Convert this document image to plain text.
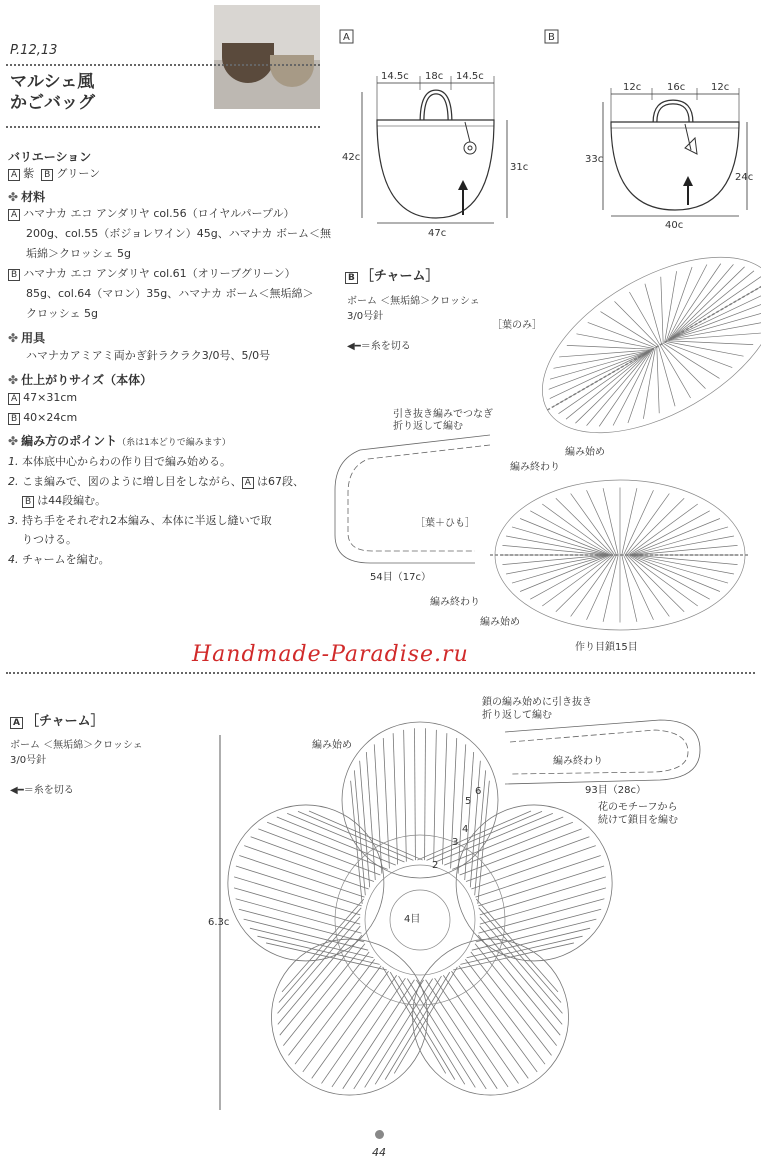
P.12,13
マルシェ風
かごバッグ
A
14.5c 18c 14.5c
42c
31c
47c
B
12c	16c	12c
33c
24c
40c
バリエーション
A 紫 B グリーン
✤ 材料
A ハマナカ エコ アンダリヤ col.56（ロイヤルパープル）
200g、col.55（ボジョレワイン）45g、ハマナカ ボーム＜無
垢綿＞クロッシェ 5g
B ハマナカ エコ アンダリヤ col.61（オリーブグリーン）
85g、col.64（マロン）35g、ハマナカ ボーム＜無垢綿＞
クロッシェ 5g
✤ 用具
ハマナカアミアミ両かぎ針ラクラク3/0号、5/0号
✤ 仕上がりサイズ（本体）
A 47×31cm
B 40×24cm
✤ 編み方のポイント（糸は1本どりで編みます）
1. 本体底中心からわの作り目で編み始める。
2. こま編みで、図のように増し目をしながら、 A は67段、
B は44段編む。
3. 持ち手をそれぞれ2本編み、本体に半返し縫いで取
りつける。
4. チャームを編む。
B ［チャーム］
ボーム ＜無垢綿＞クロッシェ
3/0号針
◀━＝糸を切る
［葉のみ］
引き抜き編みでつなぎ
折り返して編む
編み始め
編み終わり
［葉＋ひも］
54目（17c）
編み終わり
編み始め
作り目鎖15目
Handmade-Paradise.ru
A ［チャーム］
ボーム ＜無垢綿＞クロッシェ
3/0号針
◀━＝糸を切る
6.3c
編み始め
4目
2
3
4
5
6
鎖の編み始めに引き抜き
折り返して編む
編み終わり
93目（28c）
花のモチーフから
続けて鎖目を編む
44
